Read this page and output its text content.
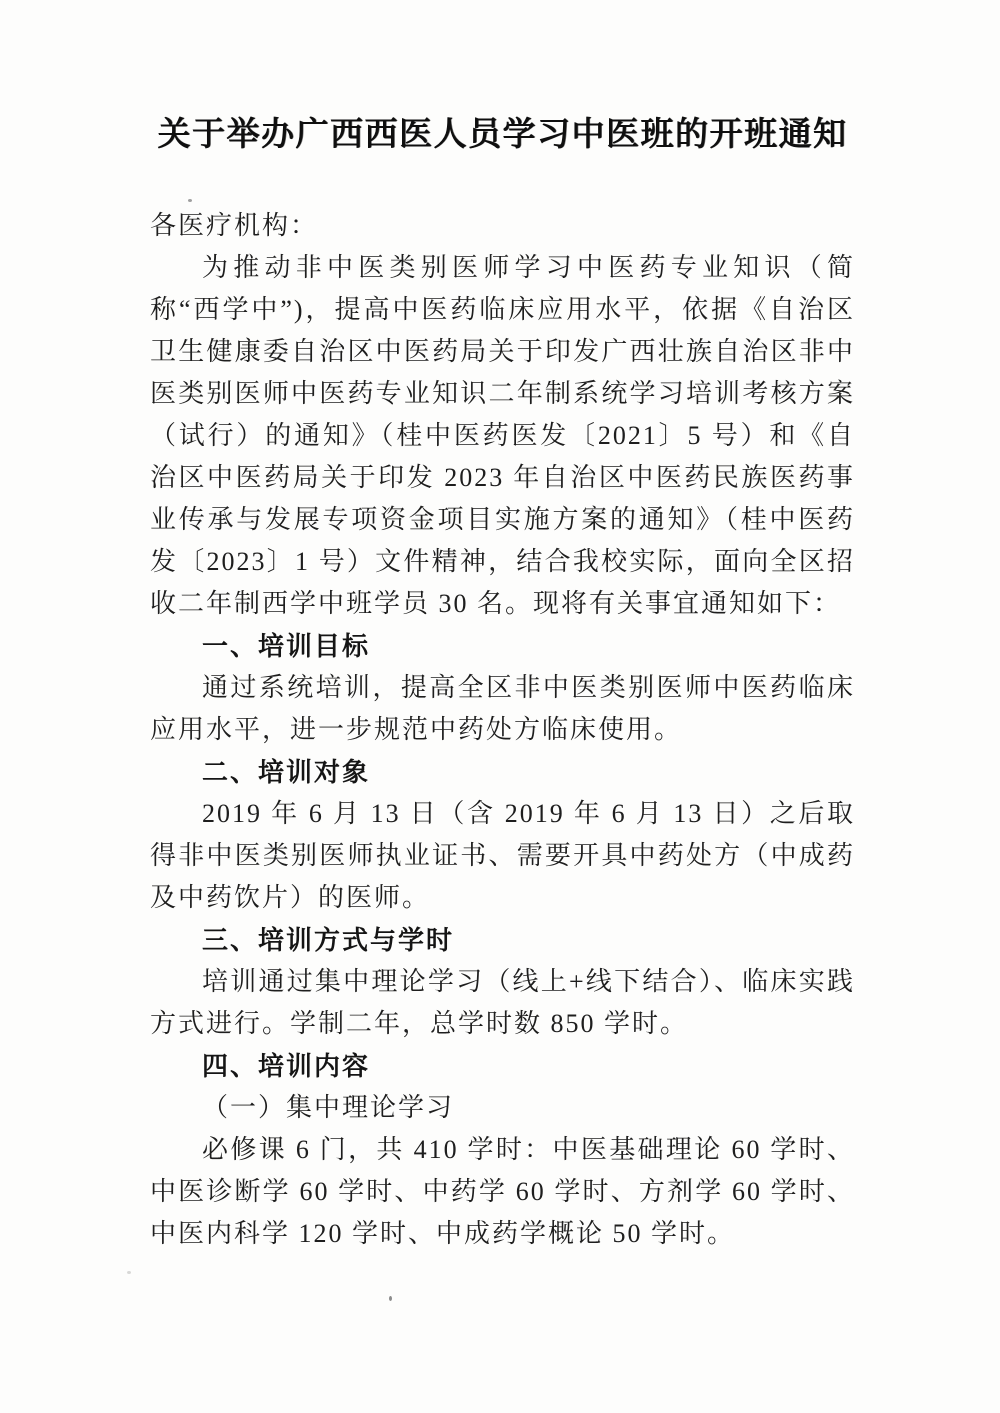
关于举办广西西医人员学习中医班的开班通知

各医疗机构：

为推动非中医类别医师学习中医药专业知识（简称“西学中”)，提高中医药临床应用水平，依据《自治区卫生健康委自治区中医药局关于印发广西壮族自治区非中医类别医师中医药专业知识二年制系统学习培训考核方案（试行）的通知》（桂中医药医发〔2021〕5 号）和《自治区中医药局关于印发 2023 年自治区中医药民族医药事业传承与发展专项资金项目实施方案的通知》（桂中医药发〔2023〕1 号）文件精神，结合我校实际，面向全区招收二年制西学中班学员 30 名。现将有关事宜通知如下：

一、培训目标

通过系统培训，提高全区非中医类别医师中医药临床应用水平，进一步规范中药处方临床使用。

二、培训对象

2019 年 6 月 13 日（含 2019 年 6 月 13 日）之后取得非中医类别医师执业证书、需要开具中药处方（中成药及中药饮片）的医师。

三、培训方式与学时

培训通过集中理论学习（线上+线下结合）、临床实践方式进行。学制二年，总学时数 850 学时。

四、培训内容

（一）集中理论学习

必修课 6 门，共 410 学时：中医基础理论 60 学时、中医诊断学 60 学时、中药学 60 学时、方剂学 60 学时、中医内科学 120 学时、中成药学概论 50 学时。
